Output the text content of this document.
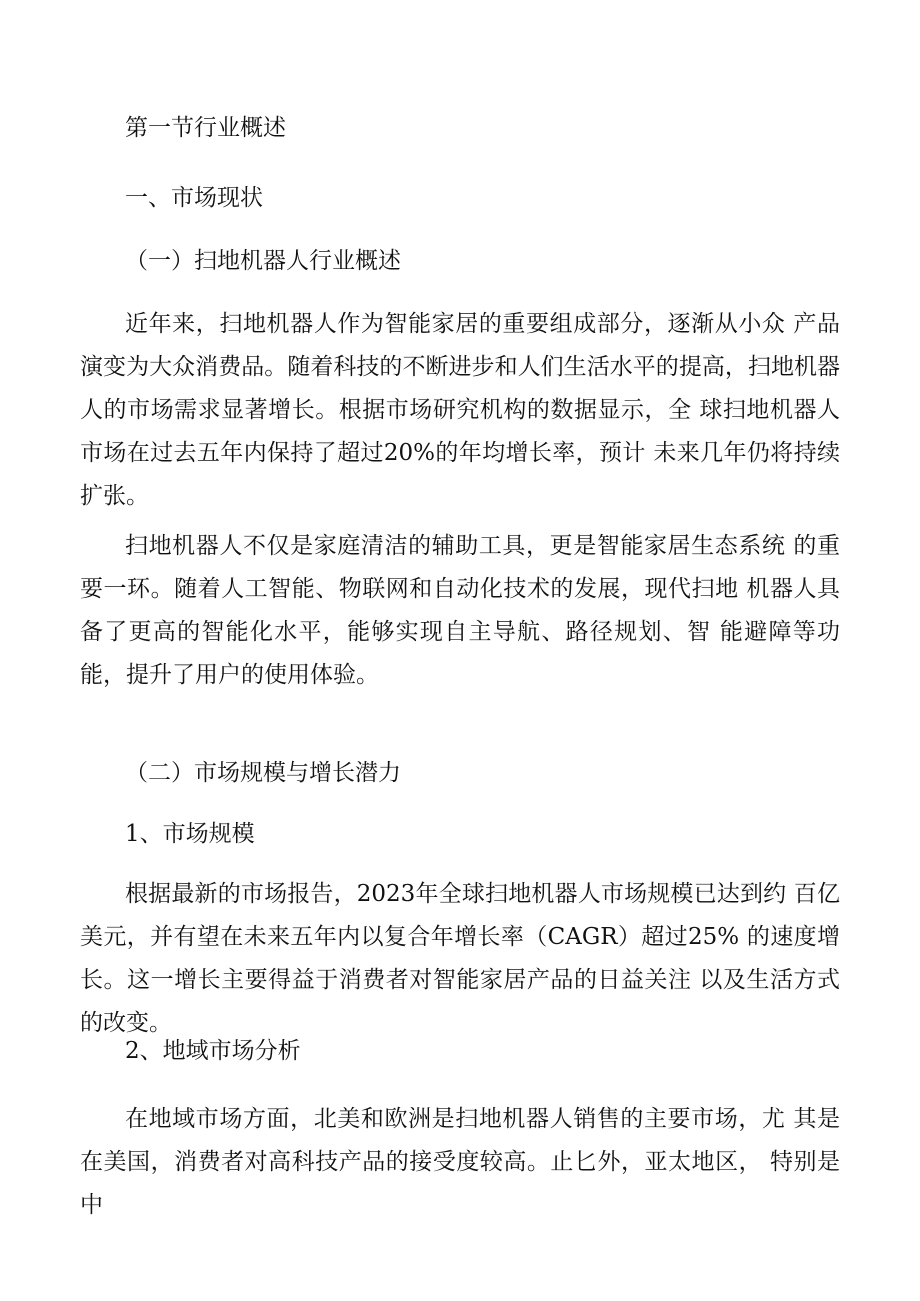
第一节行业概述
一、市场现状
（一）扫地机器人行业概述

近年来，扫地机器人作为智能家居的重要组成部分，逐渐从小众 产品演变为大众消费品。随着科技的不断进步和人们生活水平的提高，扫地机器人的市场需求显著增长。根据市场研究机构的数据显示，全 球扫地机器人市场在过去五年内保持了超过20%的年均增长率，预计 未来几年仍将持续扩张。

扫地机器人不仅是家庭清洁的辅助工具，更是智能家居生态系统 的重要一环。随着人工智能、物联网和自动化技术的发展，现代扫地 机器人具备了更高的智能化水平，能够实现自主导航、路径规划、智 能避障等功能，提升了用户的使用体验。

（二）市场规模与增长潜力
1、市场规模

根据最新的市场报告，2023年全球扫地机器人市场规模已达到约 百亿美元，并有望在未来五年内以复合年增长率（CAGR）超过25% 的速度增长。这一增长主要得益于消费者对智能家居产品的日益关注 以及生活方式的改变。

2、地域市场分析

在地域市场方面，北美和欧洲是扫地机器人销售的主要市场，尤 其是在美国，消费者对高科技产品的接受度较高。止匕外，亚太地区， 特别是中
